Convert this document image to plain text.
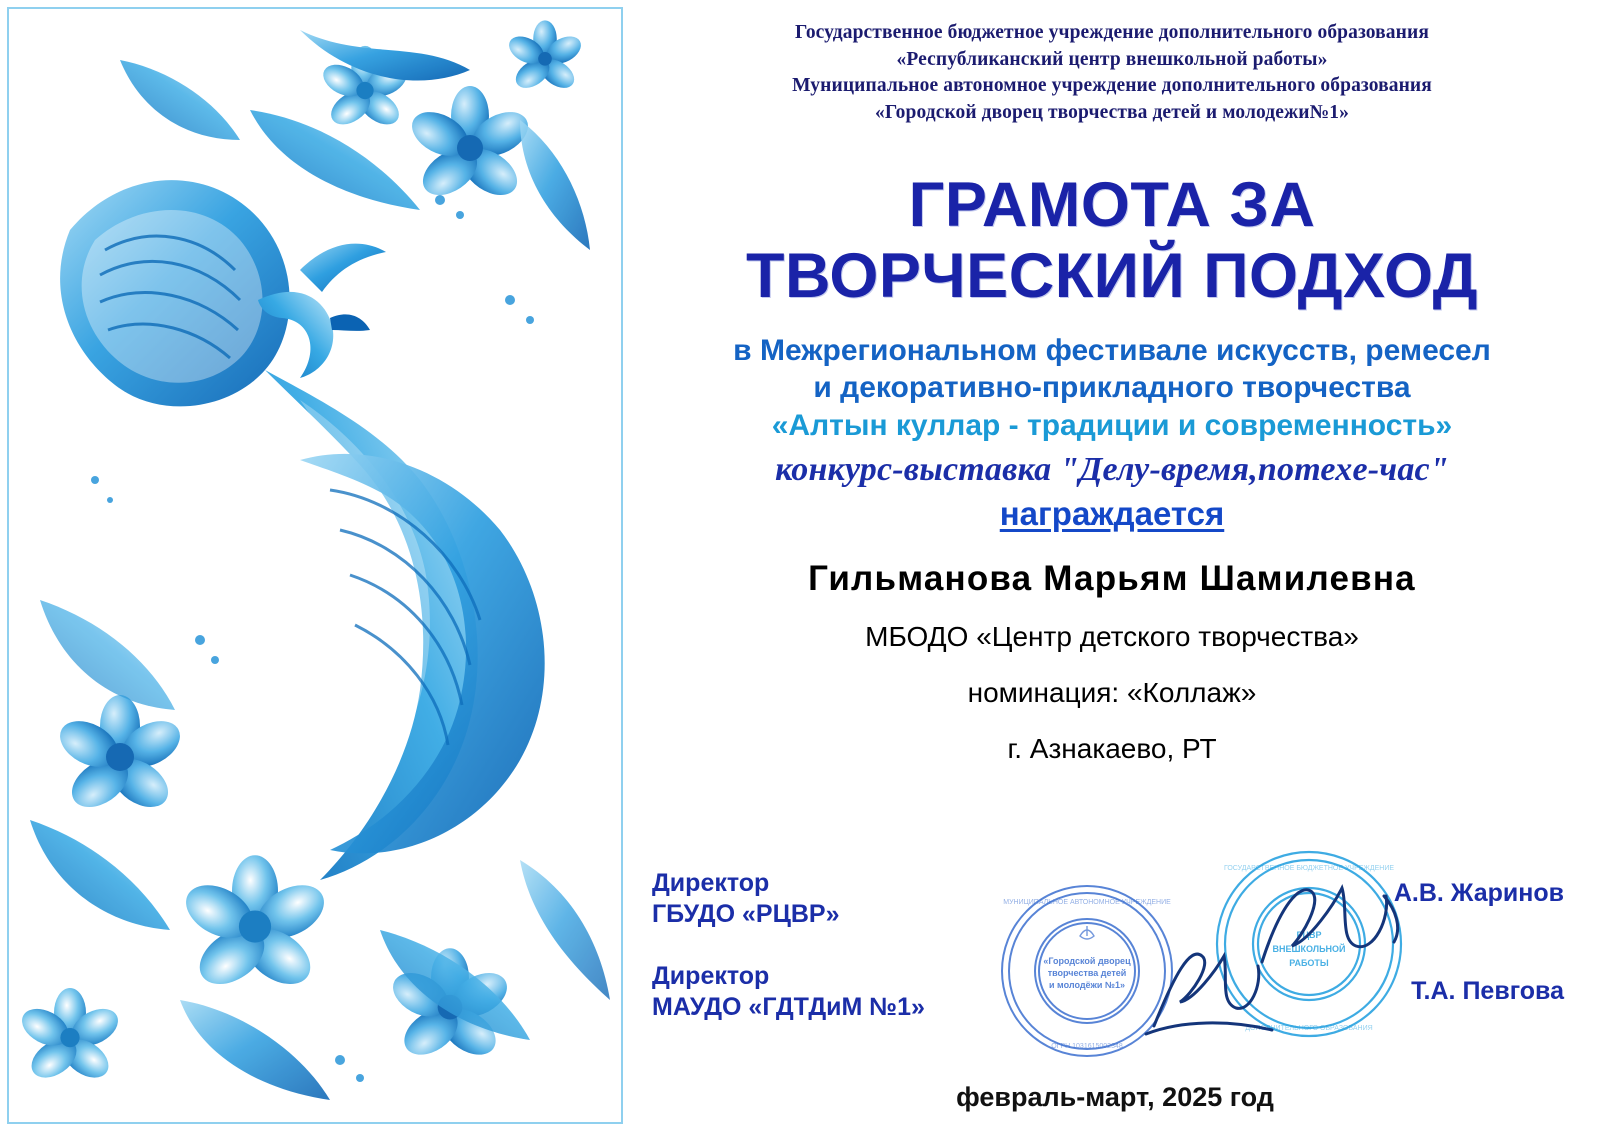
Государственное бюджетное учреждение дополнительного образования
«Республиканский центр внешкольной работы»
Муниципальное автономное учреждение дополнительного образования
«Городской дворец творчества детей и молодежи№1»
ГРАМОТА ЗА
ТВОРЧЕСКИЙ ПОДХОД
в Межрегиональном фестивале искусств, ремесел
и декоративно-прикладного творчества
«Алтын куллар - традиции и современность»
конкурс-выставка "Делу-время,потехе-час"
награждается
Гильманова Марьям Шамилевна
МБОДО «Центр детского творчества»
номинация: «Коллаж»
г. Азнакаево, РТ
Директор
ГБУДО «РЦВР»
Директор
МАУДО «ГДТДиМ №1»
«Городской дворец
творчества детей
и молодёжи №1»
МУНИЦИПАЛЬНОЕ АВТОНОМНОЕ УЧРЕЖДЕНИЕ
ОГРН 1031615002348
РЦВР
ВНЕШКОЛЬНОЙ
РАБОТЫ
ГОСУДАРСТВЕННОЕ БЮДЖЕТНОЕ УЧРЕЖДЕНИЕ
ДОПОЛНИТЕЛЬНОГО ОБРАЗОВАНИЯ
А.В. Жаринов
Т.А. Певгова
февраль-март, 2025 год
